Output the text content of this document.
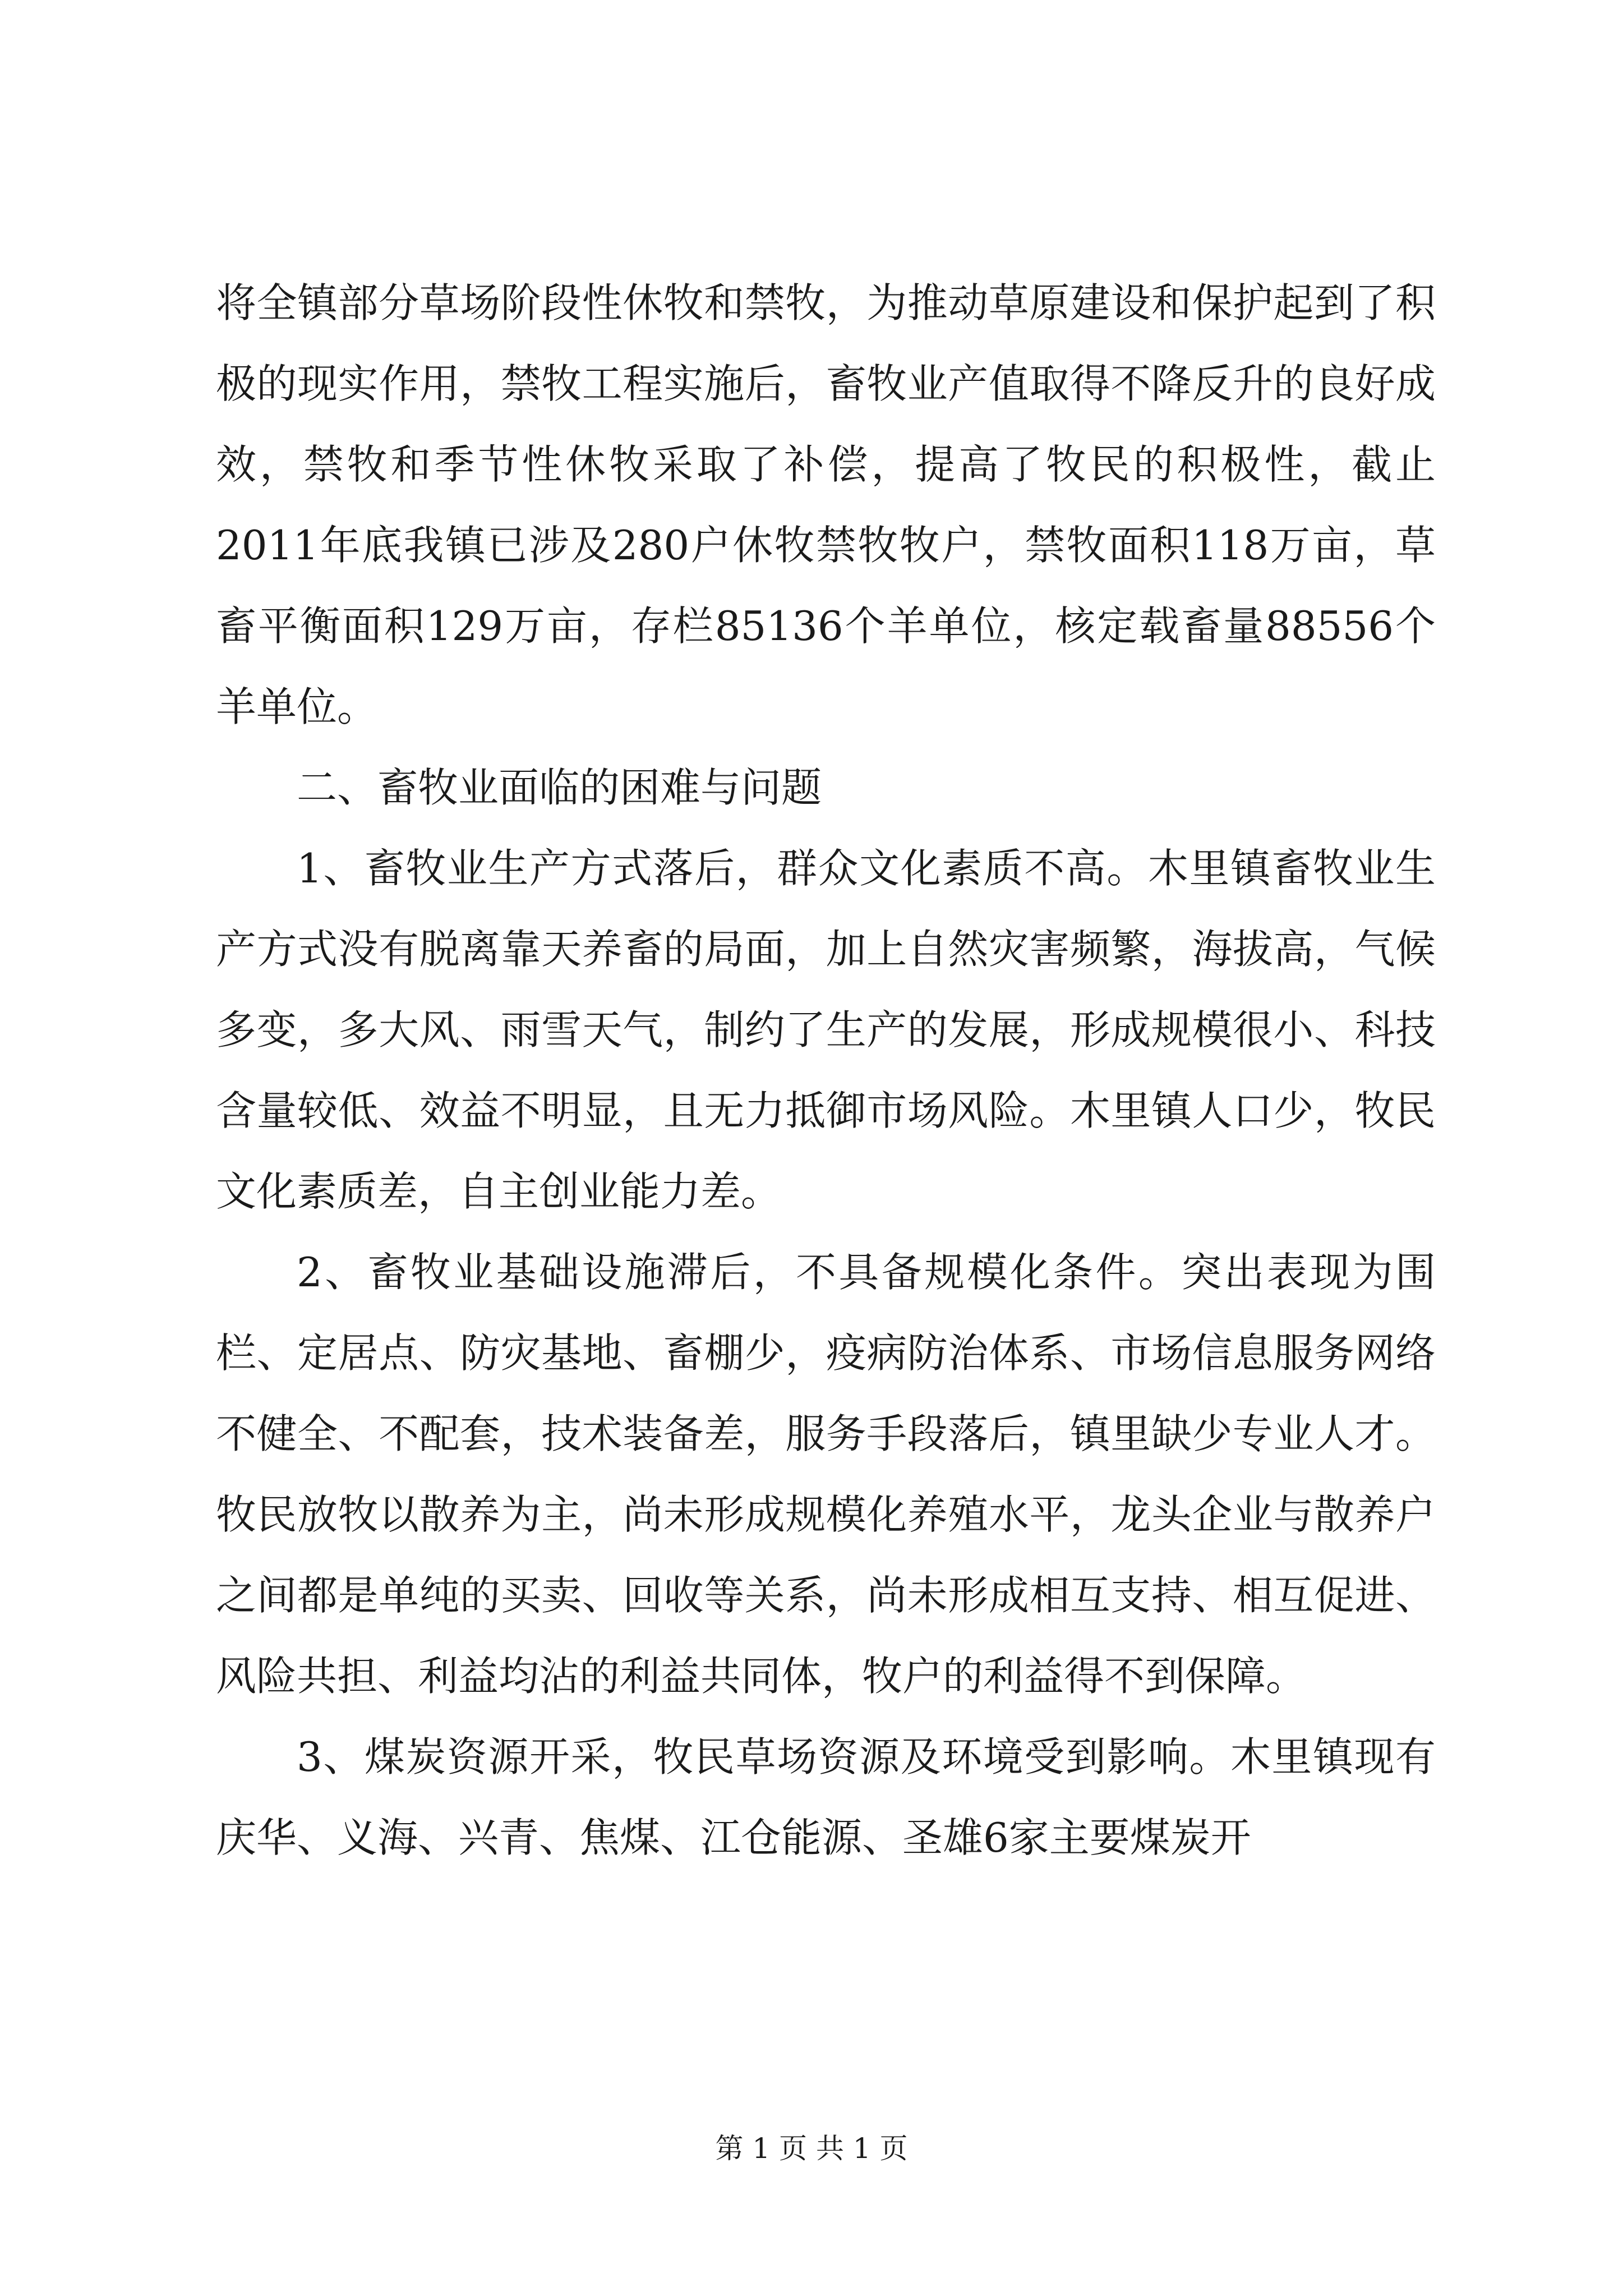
将全镇部分草场阶段性休牧和禁牧，为推动草原建设和保护起到了积极的现实作用，禁牧工程实施后，畜牧业产值取得不降反升的良好成效，禁牧和季节性休牧采取了补偿，提高了牧民的积极性，截止2011年底我镇已涉及280户休牧禁牧牧户，禁牧面积118万亩，草畜平衡面积129万亩，存栏85136个羊单位，核定载畜量88556个羊单位。

二、畜牧业面临的困难与问题

1、畜牧业生产方式落后，群众文化素质不高。木里镇畜牧业生产方式没有脱离靠天养畜的局面，加上自然灾害频繁，海拔高，气候多变，多大风、雨雪天气，制约了生产的发展，形成规模很小、科技含量较低、效益不明显，且无力抵御市场风险。木里镇人口少，牧民文化素质差，自主创业能力差。

2、畜牧业基础设施滞后，不具备规模化条件。突出表现为围栏、定居点、防灾基地、畜棚少，疫病防治体系、市场信息服务网络不健全、不配套，技术装备差，服务手段落后，镇里缺少专业人才。牧民放牧以散养为主，尚未形成规模化养殖水平，龙头企业与散养户之间都是单纯的买卖、回收等关系，尚未形成相互支持、相互促进、风险共担、利益均沾的利益共同体，牧户的利益得不到保障。

3、煤炭资源开采，牧民草场资源及环境受到影响。木里镇现有庆华、义海、兴青、焦煤、江仓能源、圣雄6家主要煤炭开

第 1 页 共 1 页
